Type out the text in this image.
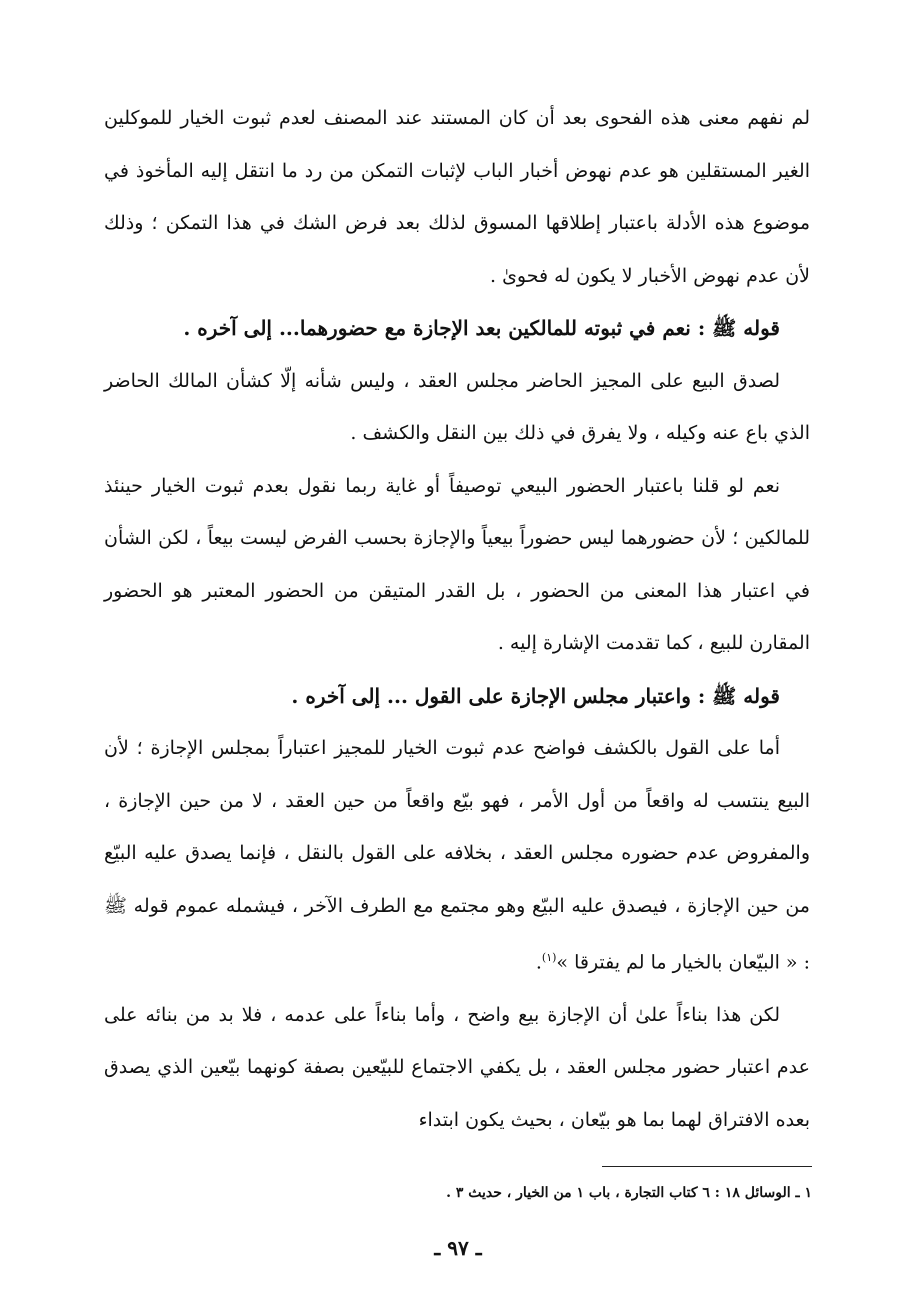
لم نفهم معنى هذه الفحوى بعد أن كان المستند عند المصنف لعدم ثبوت الخيار للموكلين الغير المستقلين هو عدم نهوض أخبار الباب لإثبات التمكن من رد ما انتقل إليه المأخوذ في موضوع هذه الأدلة باعتبار إطلاقها المسوق لذلك بعد فرض الشك في هذا التمكن ؛ وذلك لأن عدم نهوض الأخبار لا يكون له فحوىٰ .

قوله ﷺ : نعم في ثبوته للمالكين بعد الإجازة مع حضورهما... إلى آخره .

لصدق البيع على المجيز الحاضر مجلس العقد ، وليس شأنه إلّا كشأن المالك الحاضر الذي باع عنه وكيله ، ولا يفرق في ذلك بين النقل والكشف .

نعم لو قلنا باعتبار الحضور البيعي توصيفاً أو غاية ربما نقول بعدم ثبوت الخيار حينئذ للمالكين ؛ لأن حضورهما ليس حضوراً بيعياً والإجازة بحسب الفرض ليست بيعاً ، لكن الشأن في اعتبار هذا المعنى من الحضور ، بل القدر المتيقن من الحضور المعتبر هو الحضور المقارن للبيع ، كما تقدمت الإشارة إليه .

قوله ﷺ : واعتبار مجلس الإجازة على القول ... إلى آخره .

أما على القول بالكشف فواضح عدم ثبوت الخيار للمجيز اعتباراً بمجلس الإجازة ؛ لأن البيع ينتسب له واقعاً من أول الأمر ، فهو بيّع واقعاً من حين العقد ، لا من حين الإجازة ، والمفروض عدم حضوره مجلس العقد ، بخلافه على القول بالنقل ، فإنما يصدق عليه البيّع من حين الإجازة ، فيصدق عليه البيّع وهو مجتمع مع الطرف الآخر ، فيشمله عموم قوله ﷺ : « البيّعان بالخيار ما لم يفترقا »$^{(١)}$.

لكن هذا بناءاً علىٰ أن الإجازة بيع واضح ، وأما بناءاً على عدمه ، فلا بد من بنائه على عدم اعتبار حضور مجلس العقد ، بل يكفي الاجتماع للبيّعين بصفة كونهما بيّعين الذي يصدق بعده الافتراق لهما بما هو بيّعان ، بحيث يكون ابتداء

١ ـ الوسائل ١٨ : ٦ كتاب التجارة ، باب ١ من الخيار ، حديث ٣ .

ـ ٩٧ ـ
